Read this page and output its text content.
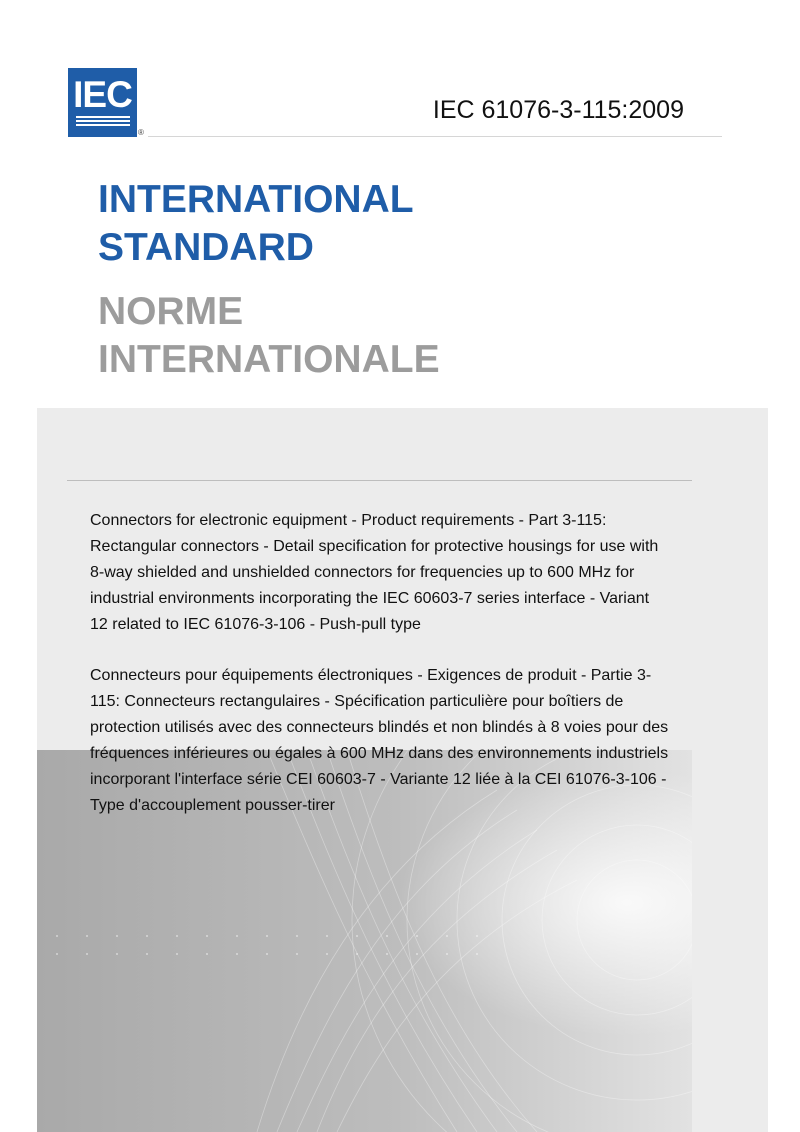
IEC
®
IEC 61076-3-115:2009
INTERNATIONAL
STANDARD
NORME
INTERNATIONALE
Connectors for electronic equipment - Product requirements - Part 3-115: Rectangular connectors - Detail specification for protective housings for use with 8-way shielded and unshielded connectors for frequencies up to 600 MHz for industrial environments incorporating the IEC 60603-7 series interface - Variant 12 related to IEC 61076-3-106 - Push-pull type
Connecteurs pour équipements électroniques - Exigences de produit - Partie 3-115: Connecteurs rectangulaires - Spécification particulière pour boîtiers de protection utilisés avec des connecteurs blindés et non blindés à 8 voies pour des fréquences inférieures ou égales à 600 MHz dans des environnements industriels incorporant l'interface série CEI 60603-7 - Variante 12 liée à la CEI 61076-3-106 - Type d'accouplement pousser-tirer
